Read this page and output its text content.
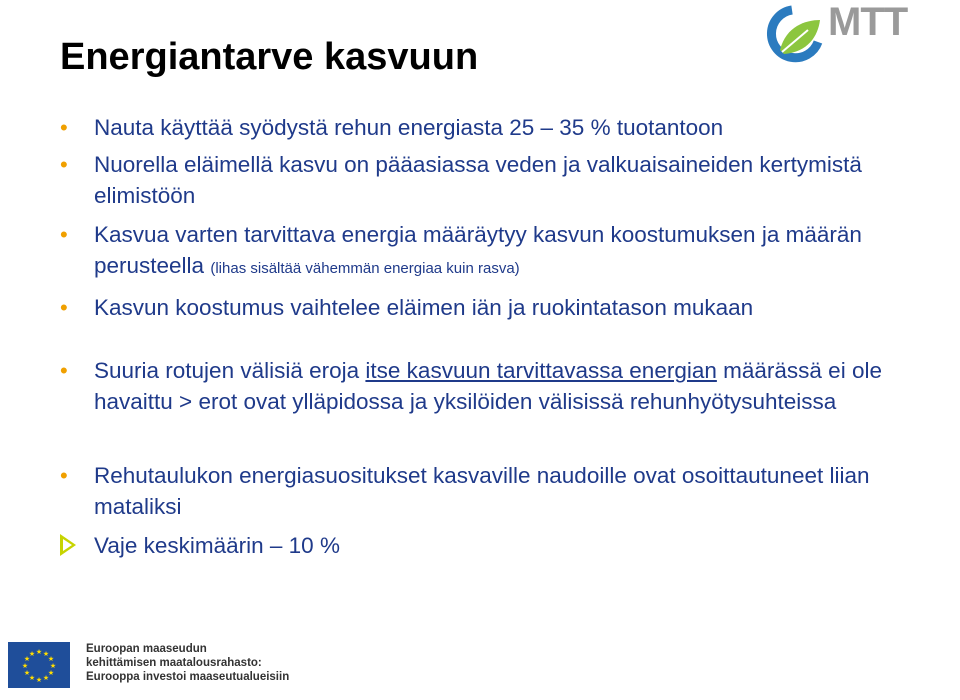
Energiantarve kasvuun
MTT
•	Nauta käyttää syödystä rehun energiasta 25 – 35 % tuotantoon
•	Nuorella eläimellä kasvu on pääasiassa veden ja valkuaisaineiden kertymistä elimistöön
•	Kasvua varten tarvittava energia määräytyy kasvun koostumuksen ja määrän perusteella (lihas sisältää vähemmän energiaa kuin rasva)
•	Kasvun koostumus vaihtelee eläimen iän ja ruokintatason mukaan
•	Suuria rotujen välisiä eroja itse kasvuun tarvittavassa energian määrässä ei ole havaittu > erot ovat ylläpidossa ja yksilöiden välisissä rehunhyötysuhteissa
•	Rehutaulukon energiasuositukset kasvaville naudoille ovat osoittautuneet liian mataliksi
Vaje keskimäärin – 10 %
★ ★
★
★
★
★
★
★
★
★
★
★	Euroopan maaseudun
kehittämisen maatalousrahasto:
Eurooppa investoi maaseutualueisiin
